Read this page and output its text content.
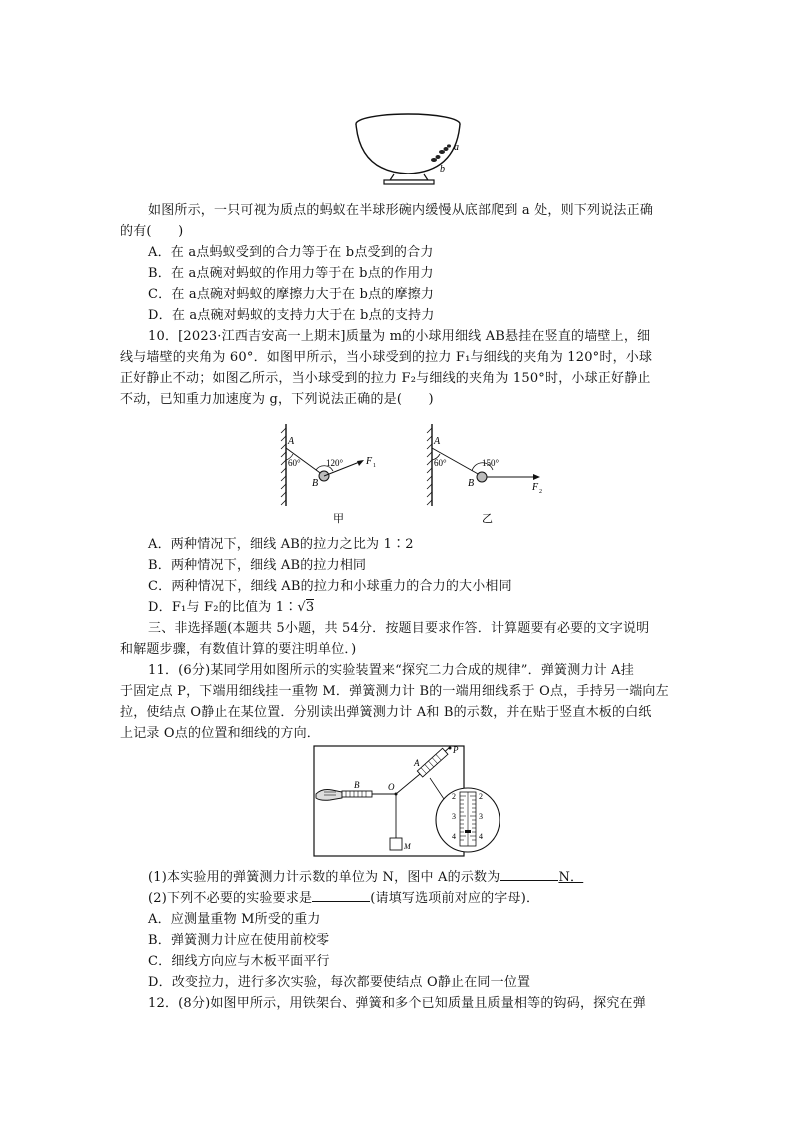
a
b
如图所示，一只可视为质点的蚂蚁在半球形碗内缓慢从底部爬到 a 处，则下列说法正确
的有(　　)
A．在 a点蚂蚁受到的合力等于在 b点受到的合力
B．在 a点碗对蚂蚁的作用力等于在 b点的作用力
C．在 a点碗对蚂蚁的摩擦力大于在 b点的摩擦力
D．在 a点碗对蚂蚁的支持力大于在 b点的支持力
10．[2023·江西吉安高一上期末]质量为 m的小球用细线 AB悬挂在竖直的墙壁上，细
线与墙壁的夹角为 60°．如图甲所示，当小球受到的拉力 F₁与细线的夹角为 120°时，小球
正好静止不动；如图乙所示，当小球受到的拉力 F₂与细线的夹角为 150°时，小球正好静止
不动，已知重力加速度为 g，下列说法正确的是(　　)
A
60°	120°
B
F 1
甲
A
60°	150°
B	F 2
乙
A．两种情况下，细线 AB的拉力之比为 1∶2
B．两种情况下，细线 AB的拉力相同
C．两种情况下，细线 AB的拉力和小球重力的合力的大小相同
D．F₁与 F₂的比值为 1∶√3
三、非选择题(本题共 5小题，共 54分．按题目要求作答．计算题要有必要的文字说明
和解题步骤，有数值计算的要注明单位．)
11．(6分)某同学用如图所示的实验装置来“探究二力合成的规律”．弹簧测力计 A挂
于固定点 P，下端用细线挂一重物 M．弹簧测力计 B的一端用细线系于 O点，手持另一端向左
拉，使结点 O静止在某位置．分别读出弹簧测力计 A和 B的示数，并在贴于竖直木板的白纸
上记录 O点的位置和细线的方向．
2
3
4
2
3
4
P
A
B	O
M
(1)本实验用的弹簧测力计示数的单位为 N，图中 A的示数为	N．
(2)下列不必要的实验要求是	(请填写选项前对应的字母)．
A．应测量重物 M所受的重力
B．弹簧测力计应在使用前校零
C．细线方向应与木板平面平行
D．改变拉力，进行多次实验，每次都要使结点 O静止在同一位置
12．(8分)如图甲所示，用铁架台、弹簧和多个已知质量且质量相等的钩码，探究在弹
